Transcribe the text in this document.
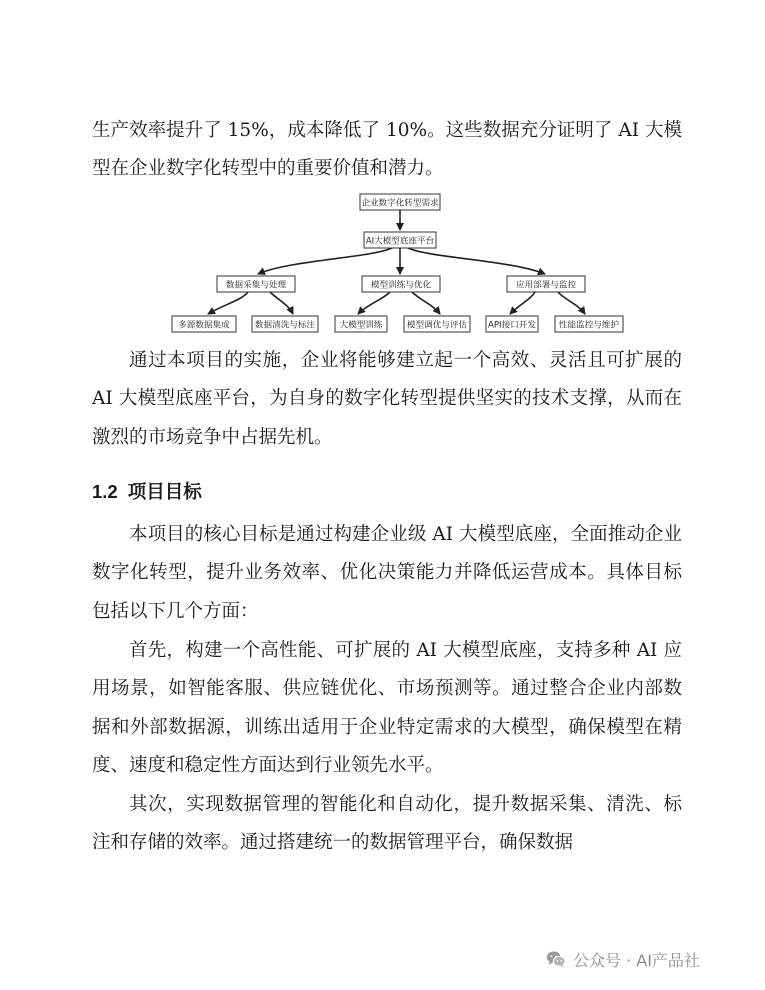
生产效率提升了 15%，成本降低了 10%。这些数据充分证明了 AI 大模型在企业数字化转型中的重要价值和潜力。

企业数字化转型需求
AI大模型底座平台
数据采集与处理	模型训练与优化	应用部署与监控
多源数据集成	数据清洗与标注	大模型训练	模型调优与评估 API接口开发	性能监控与维护

通过本项目的实施，企业将能够建立起一个高效、灵活且可扩展的 AI 大模型底座平台，为自身的数字化转型提供坚实的技术支撑，从而在激烈的市场竞争中占据先机。

1.2 项目目标

本项目的核心目标是通过构建企业级 AI 大模型底座，全面推动企业数字化转型，提升业务效率、优化决策能力并降低运营成本。具体目标包括以下几个方面：

首先，构建一个高性能、可扩展的 AI 大模型底座，支持多种 AI 应用场景，如智能客服、供应链优化、市场预测等。通过整合企业内部数据和外部数据源，训练出适用于企业特定需求的大模型，确保模型在精度、速度和稳定性方面达到行业领先水平。

其次，实现数据管理的智能化和自动化，提升数据采集、清洗、标注和存储的效率。通过搭建统一的数据管理平台，确保数据

公众号 · AI产品社
